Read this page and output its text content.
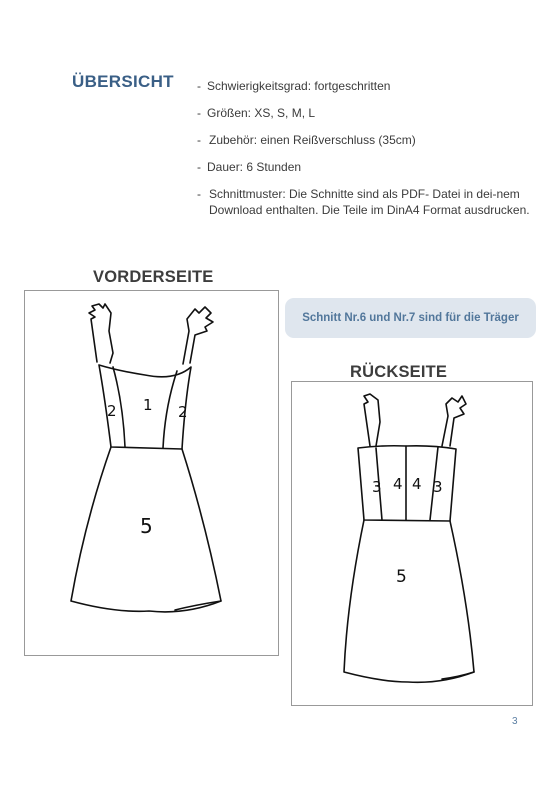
ÜBERSICHT - Schwierigkeitsgrad: fortgeschritten
- Größen: XS, S, M, L
- Zubehör: einen Reißverschluss (35cm)
- Dauer: 6 Stunden
- Schnittmuster: Die Schnitte sind als PDF- Datei in dei-nem Download enthalten. Die Teile im DinA4 Format ausdrucken.
VORDERSEITE
2 1 2
5
Schnitt Nr.6 und Nr.7 sind für die Träger
RÜCKSEITE
3 4 4 3
5
3
